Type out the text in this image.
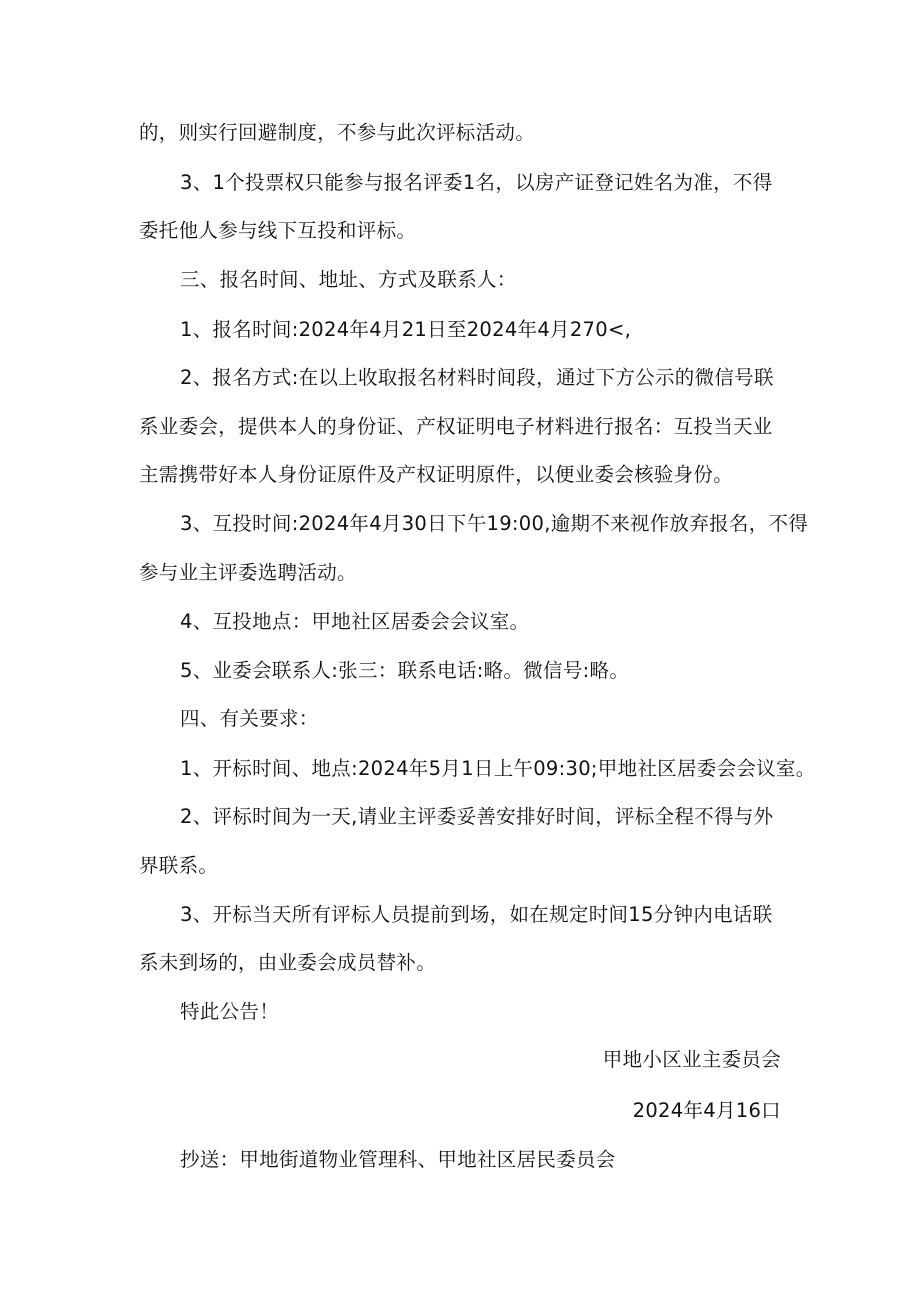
的，则实行回避制度，不参与此次评标活动。
3、1个投票权只能参与报名评委1名，以房产证登记姓名为准，不得
委托他人参与线下互投和评标。
三、报名时间、地址、方式及联系人：
1、报名时间:2024年4月21日至2024年4月270<,
2、报名方式:在以上收取报名材料时间段，通过下方公示的微信号联
系业委会，提供本人的身份证、产权证明电子材料进行报名：互投当天业
主需携带好本人身份证原件及产权证明原件，以便业委会核验身份。
3、互投时间:2024年4月30日下午19:00,逾期不来视作放弃报名，不得
参与业主评委选聘活动。
4、互投地点：甲地社区居委会会议室。
5、业委会联系人:张三：联系电话:略。微信号:略。
四、有关要求：
1、开标时间、地点:2024年5月1日上午09:30;甲地社区居委会会议室。
2、评标时间为一天,请业主评委妥善安排好时间，评标全程不得与外
界联系。
3、开标当天所有评标人员提前到场，如在规定时间15分钟内电话联
系未到场的，由业委会成员替补。
特此公告！
甲地小区业主委员会
2024年4月16口
抄送：甲地街道物业管理科、甲地社区居民委员会
